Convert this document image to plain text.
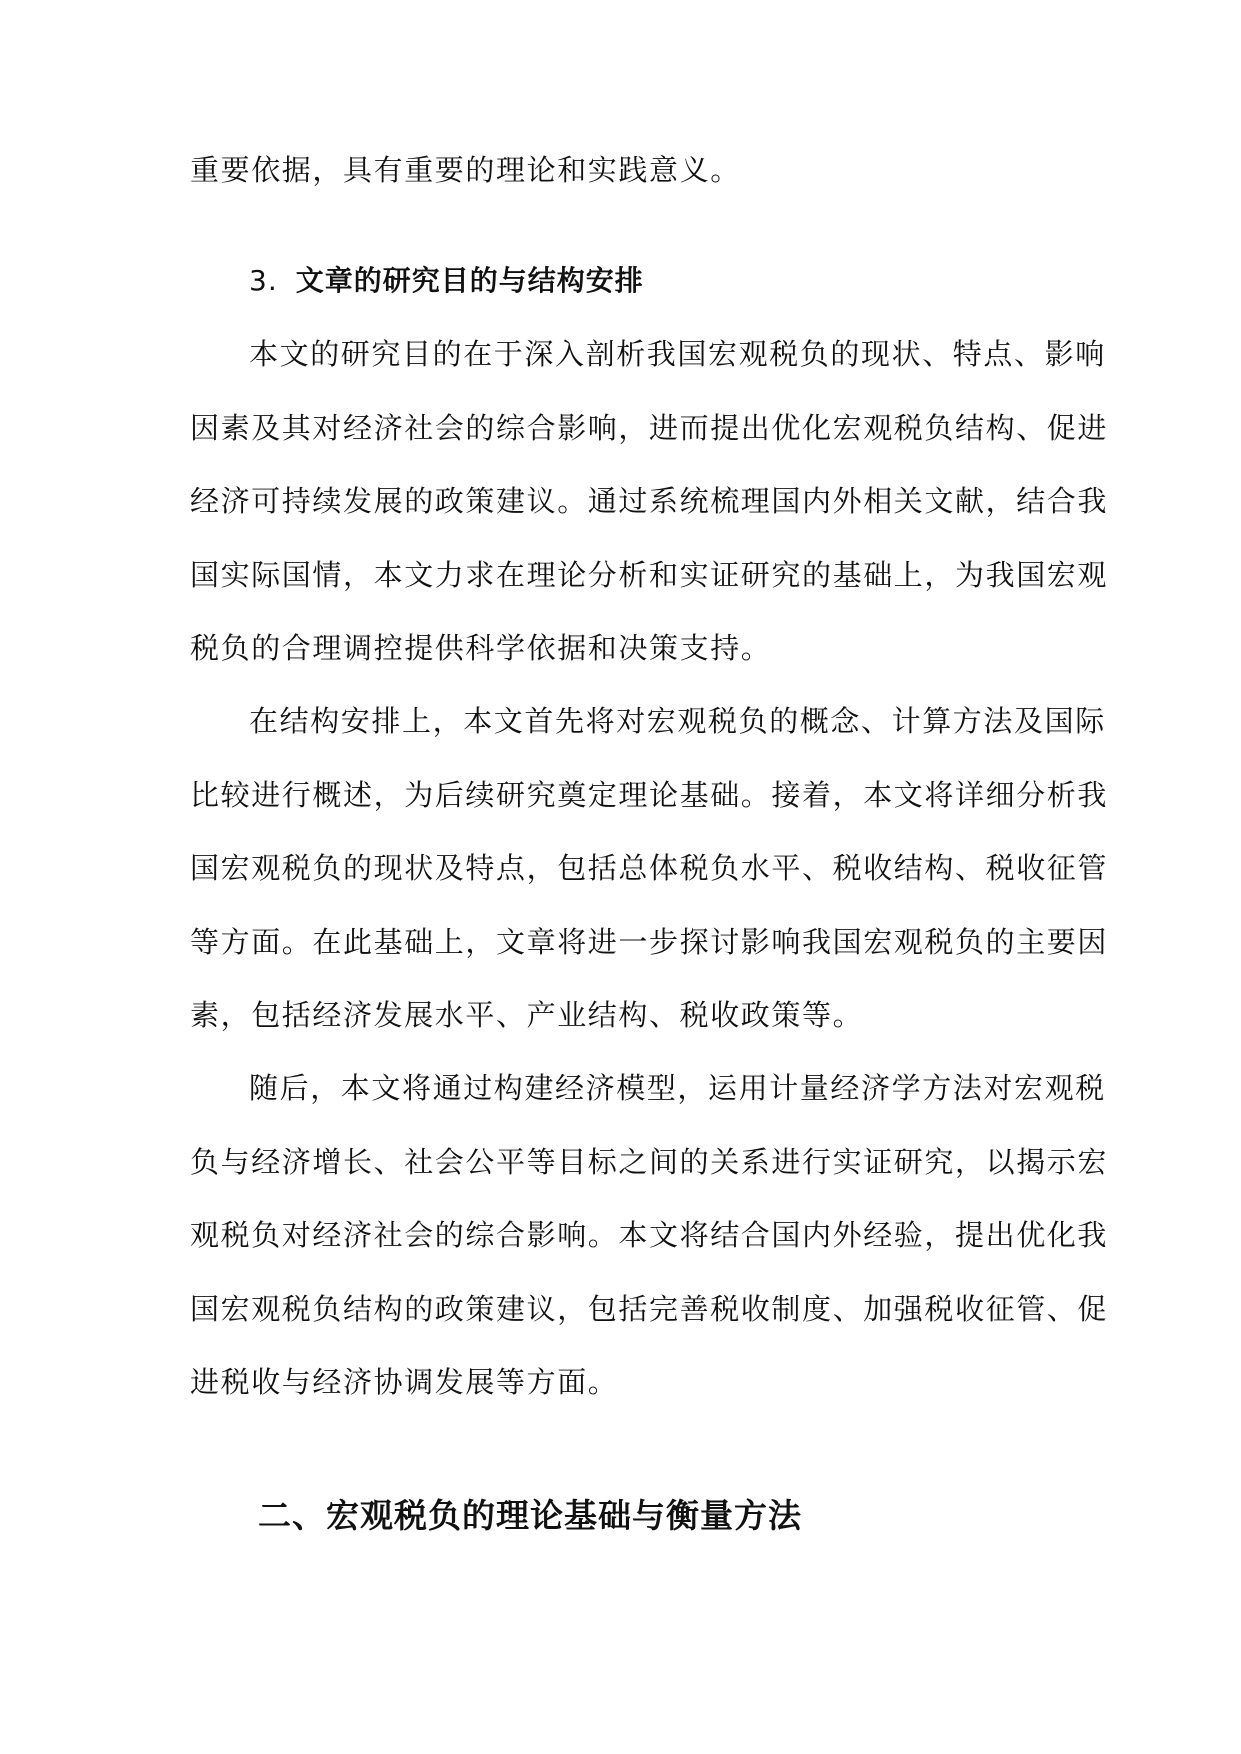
重要依据，具有重要的理论和实践意义。
3. 文章的研究目的与结构安排
本文的研究目的在于深入剖析我国宏观税负的现状、特点、影响
因素及其对经济社会的综合影响，进而提出优化宏观税负结构、促进
经济可持续发展的政策建议。通过系统梳理国内外相关文献，结合我
国实际国情，本文力求在理论分析和实证研究的基础上，为我国宏观
税负的合理调控提供科学依据和决策支持。
在结构安排上，本文首先将对宏观税负的概念、计算方法及国际
比较进行概述，为后续研究奠定理论基础。接着，本文将详细分析我
国宏观税负的现状及特点，包括总体税负水平、税收结构、税收征管
等方面。在此基础上，文章将进一步探讨影响我国宏观税负的主要因
素，包括经济发展水平、产业结构、税收政策等。
随后，本文将通过构建经济模型，运用计量经济学方法对宏观税
负与经济增长、社会公平等目标之间的关系进行实证研究，以揭示宏
观税负对经济社会的综合影响。本文将结合国内外经验，提出优化我
国宏观税负结构的政策建议，包括完善税收制度、加强税收征管、促
进税收与经济协调发展等方面。
二、宏观税负的理论基础与衡量方法
